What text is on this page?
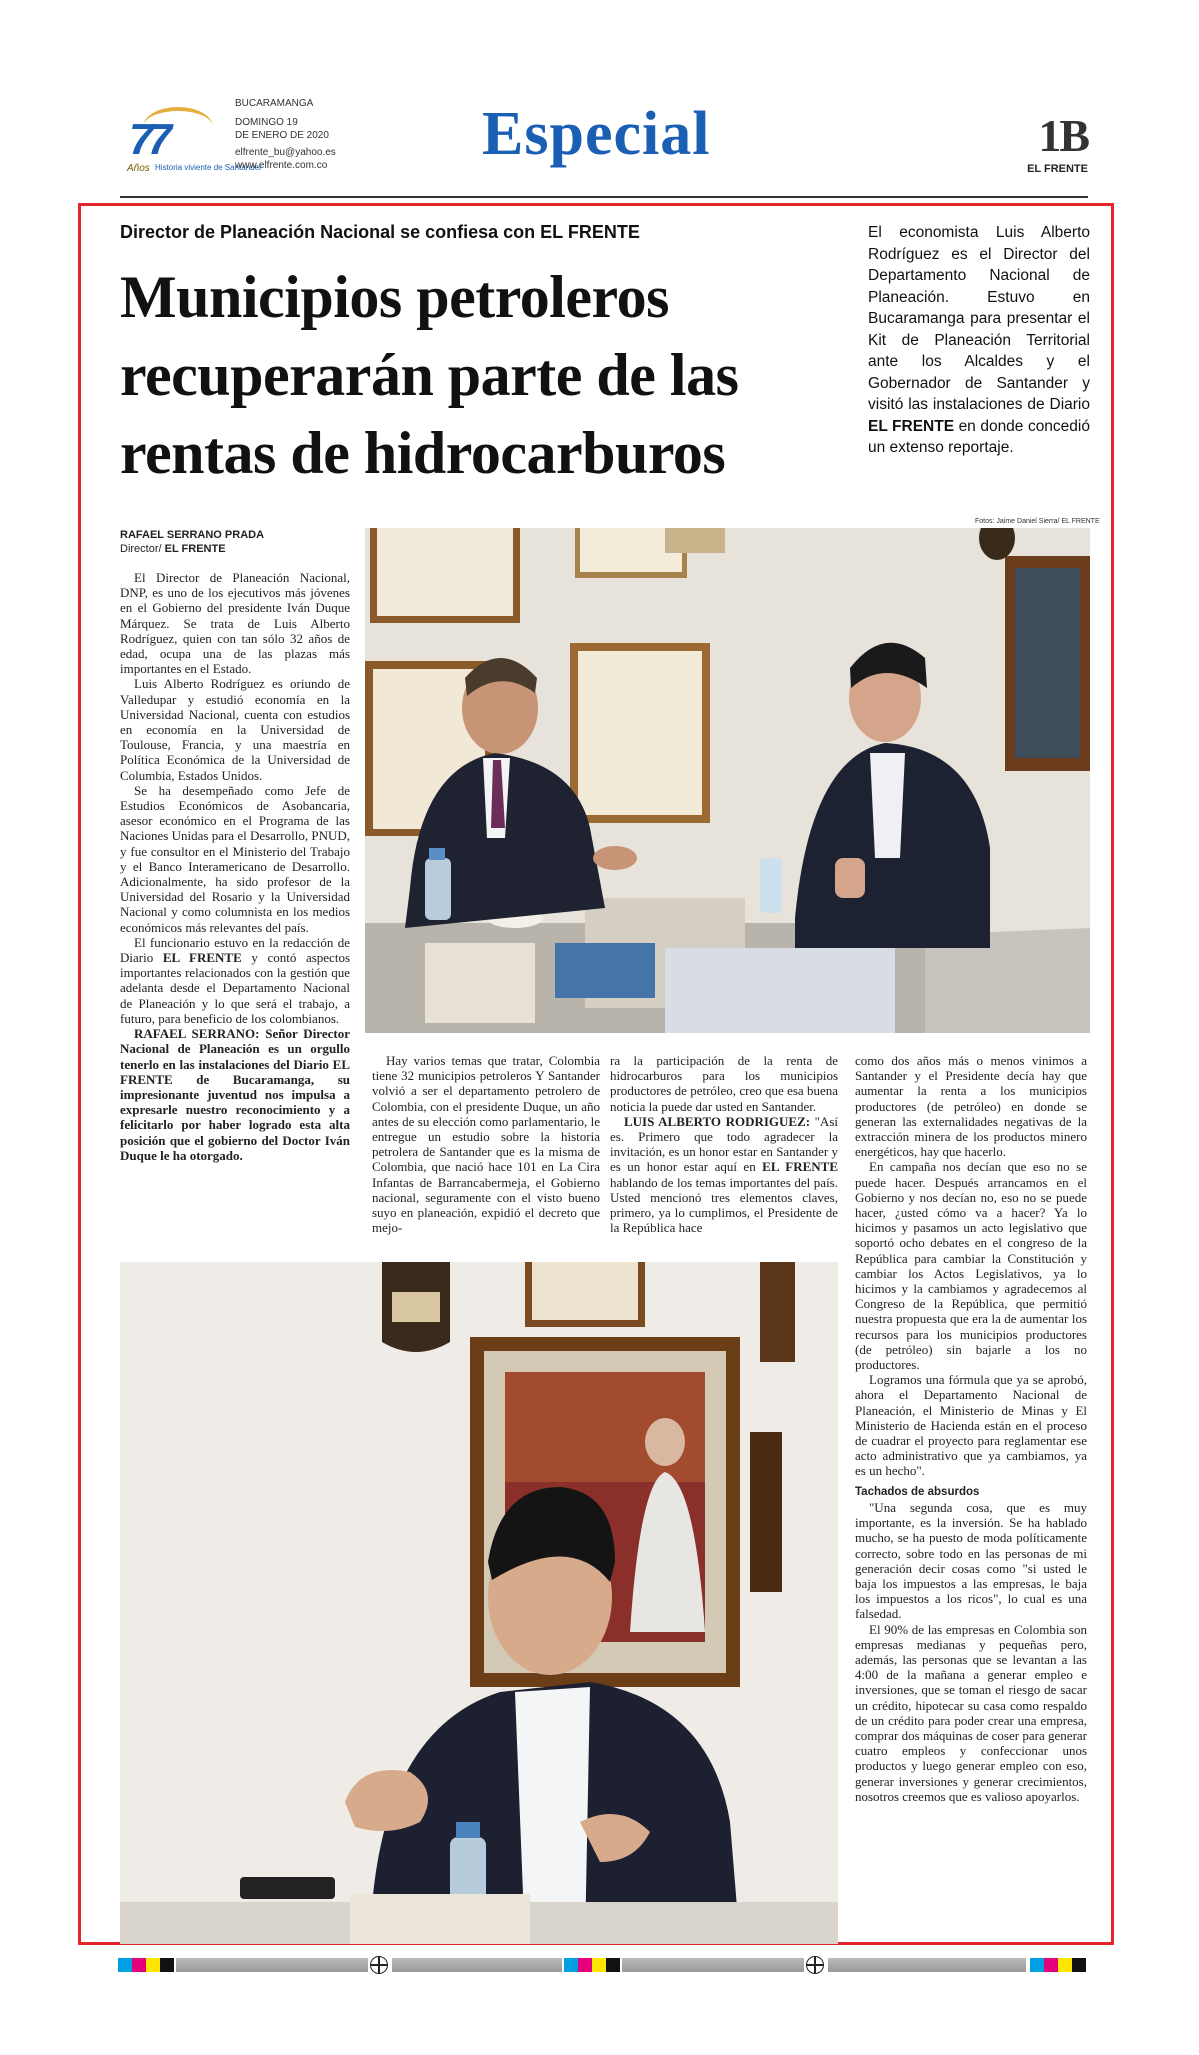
77
Años Historia viviente de Santander
BUCARAMANGA
DOMINGO 19
DE ENERO DE 2020
elfrente_bu@yahoo.es
www.elfrente.com.co Especial	1B
EL FRENTE
Director de Planeación Nacional se confiesa con EL FRENTE
Municipios petroleros recuperarán parte de las rentas de hidrocarburos
El economista Luis Alberto Rodríguez es el Director del Departamento Nacional de Planeación. Estuvo en Bucaramanga para presentar el Kit de Planeación Territorial ante los Alcaldes y el Gobernador de Santander y visitó las instalaciones de Diario EL FRENTE en donde concedió un extenso reportaje.
RAFAEL SERRANO PRADA
Director/ EL FRENTE
Fotos: Jaime Daniel Sierra/ EL FRENTE

El Director de Planeación Nacional, DNP, es uno de los ejecutivos más jóvenes en el Gobierno del presidente Iván Duque Márquez. Se trata de Luis Alberto Rodríguez, quien con tan sólo 32 años de edad, ocupa una de las plazas más importantes en el Estado.

Luis Alberto Rodríguez es oriundo de Valledupar y estudió economía en la Universidad Nacional, cuenta con estudios en economía en la Universidad de Toulouse, Francia, y una maestría en Política Económica de la Universidad de Columbia, Estados Unidos.

Se ha desempeñado como Jefe de Estudios Económicos de Asobancaria, asesor económico en el Programa de las Naciones Unidas para el Desarrollo, PNUD, y fue consultor en el Ministerio del Trabajo y el Banco Interamericano de Desarrollo. Adicionalmente, ha sido profesor de la Universidad del Rosario y la Universidad Nacional y como columnista en los medios económicos más relevantes del país.

El funcionario estuvo en la redacción de Diario EL FRENTE y contó aspectos importantes relacionados con la gestión que adelanta desde el Departamento Nacional de Planeación y lo que será el trabajo, a futuro, para beneficio de los colombianos.

RAFAEL SERRANO: Señor Director Nacional de Planeación es un orgullo tenerlo en las instalaciones del Diario EL FRENTE de Bucaramanga, su impresionante juventud nos impulsa a expresarle nuestro reconocimiento y a felicitarlo por haber logrado esta alta posición que el gobierno del Doctor Iván Duque le ha otorgado.

Hay varios temas que tratar, Colombia tiene 32 municipios petroleros Y Santander volvió a ser el departamento petrolero de Colombia, con el presidente Duque, un año antes de su elección como parlamentario, le entregue un estudio sobre la historia petrolera de Santander que es la misma de Colombia, que nació hace 101 en La Cira Infantas de Barrancabermeja, el Gobierno nacional, seguramente con el visto bueno suyo en planeación, expidió el decreto que mejo-

ra la participación de la renta de hidrocarburos para los municipios productores de petróleo, creo que esa buena noticia la puede dar usted en Santander.

LUIS ALBERTO RODRIGUEZ: "Así es. Primero que todo agradecer la invitación, es un honor estar en Santander y es un honor estar aquí en EL FRENTE hablando de los temas importantes del país. Usted mencionó tres elementos claves, primero, ya lo cumplimos, el Presidente de la República hace

como dos años más o menos vinimos a Santander y el Presidente decía hay que aumentar la renta a los municipios productores (de petróleo) en donde se generan las externalidades negativas de la extracción minera de los productos minero energéticos, hay que hacerlo.

En campaña nos decían que eso no se puede hacer. Después arrancamos en el Gobierno y nos decían no, eso no se puede hacer, ¿usted cómo va a hacer? Ya lo hicimos y pasamos un acto legislativo que soportó ocho debates en el congreso de la República para cambiar la Constitución y cambiar los Actos Legislativos, ya lo hicimos y la cambiamos y agradecemos al Congreso de la República, que permitió nuestra propuesta que era la de aumentar los recursos para los municipios productores (de petróleo) sin bajarle a los no productores.

Logramos una fórmula que ya se aprobó, ahora el Departamento Nacional de Planeación, el Ministerio de Minas y El Ministerio de Hacienda están en el proceso de cuadrar el proyecto para reglamentar ese acto administrativo que ya cambiamos, ya es un hecho".

Tachados de absurdos

"Una segunda cosa, que es muy importante, es la inversión. Se ha hablado mucho, se ha puesto de moda políticamente correcto, sobre todo en las personas de mi generación decir cosas como "si usted le baja los impuestos a las empresas, le baja los impuestos a los ricos", lo cual es una falsedad.

El 90% de las empresas en Colombia son empresas medianas y pequeñas pero, además, las personas que se levantan a las 4:00 de la mañana a generar empleo e inversiones, que se toman el riesgo de sacar un crédito, hipotecar su casa como respaldo de un crédito para poder crear una empresa, comprar dos máquinas de coser para generar cuatro empleos y confeccionar unos productos y luego generar empleo con eso, generar inversiones y generar crecimientos, nosotros creemos que es valioso apoyarlos.
